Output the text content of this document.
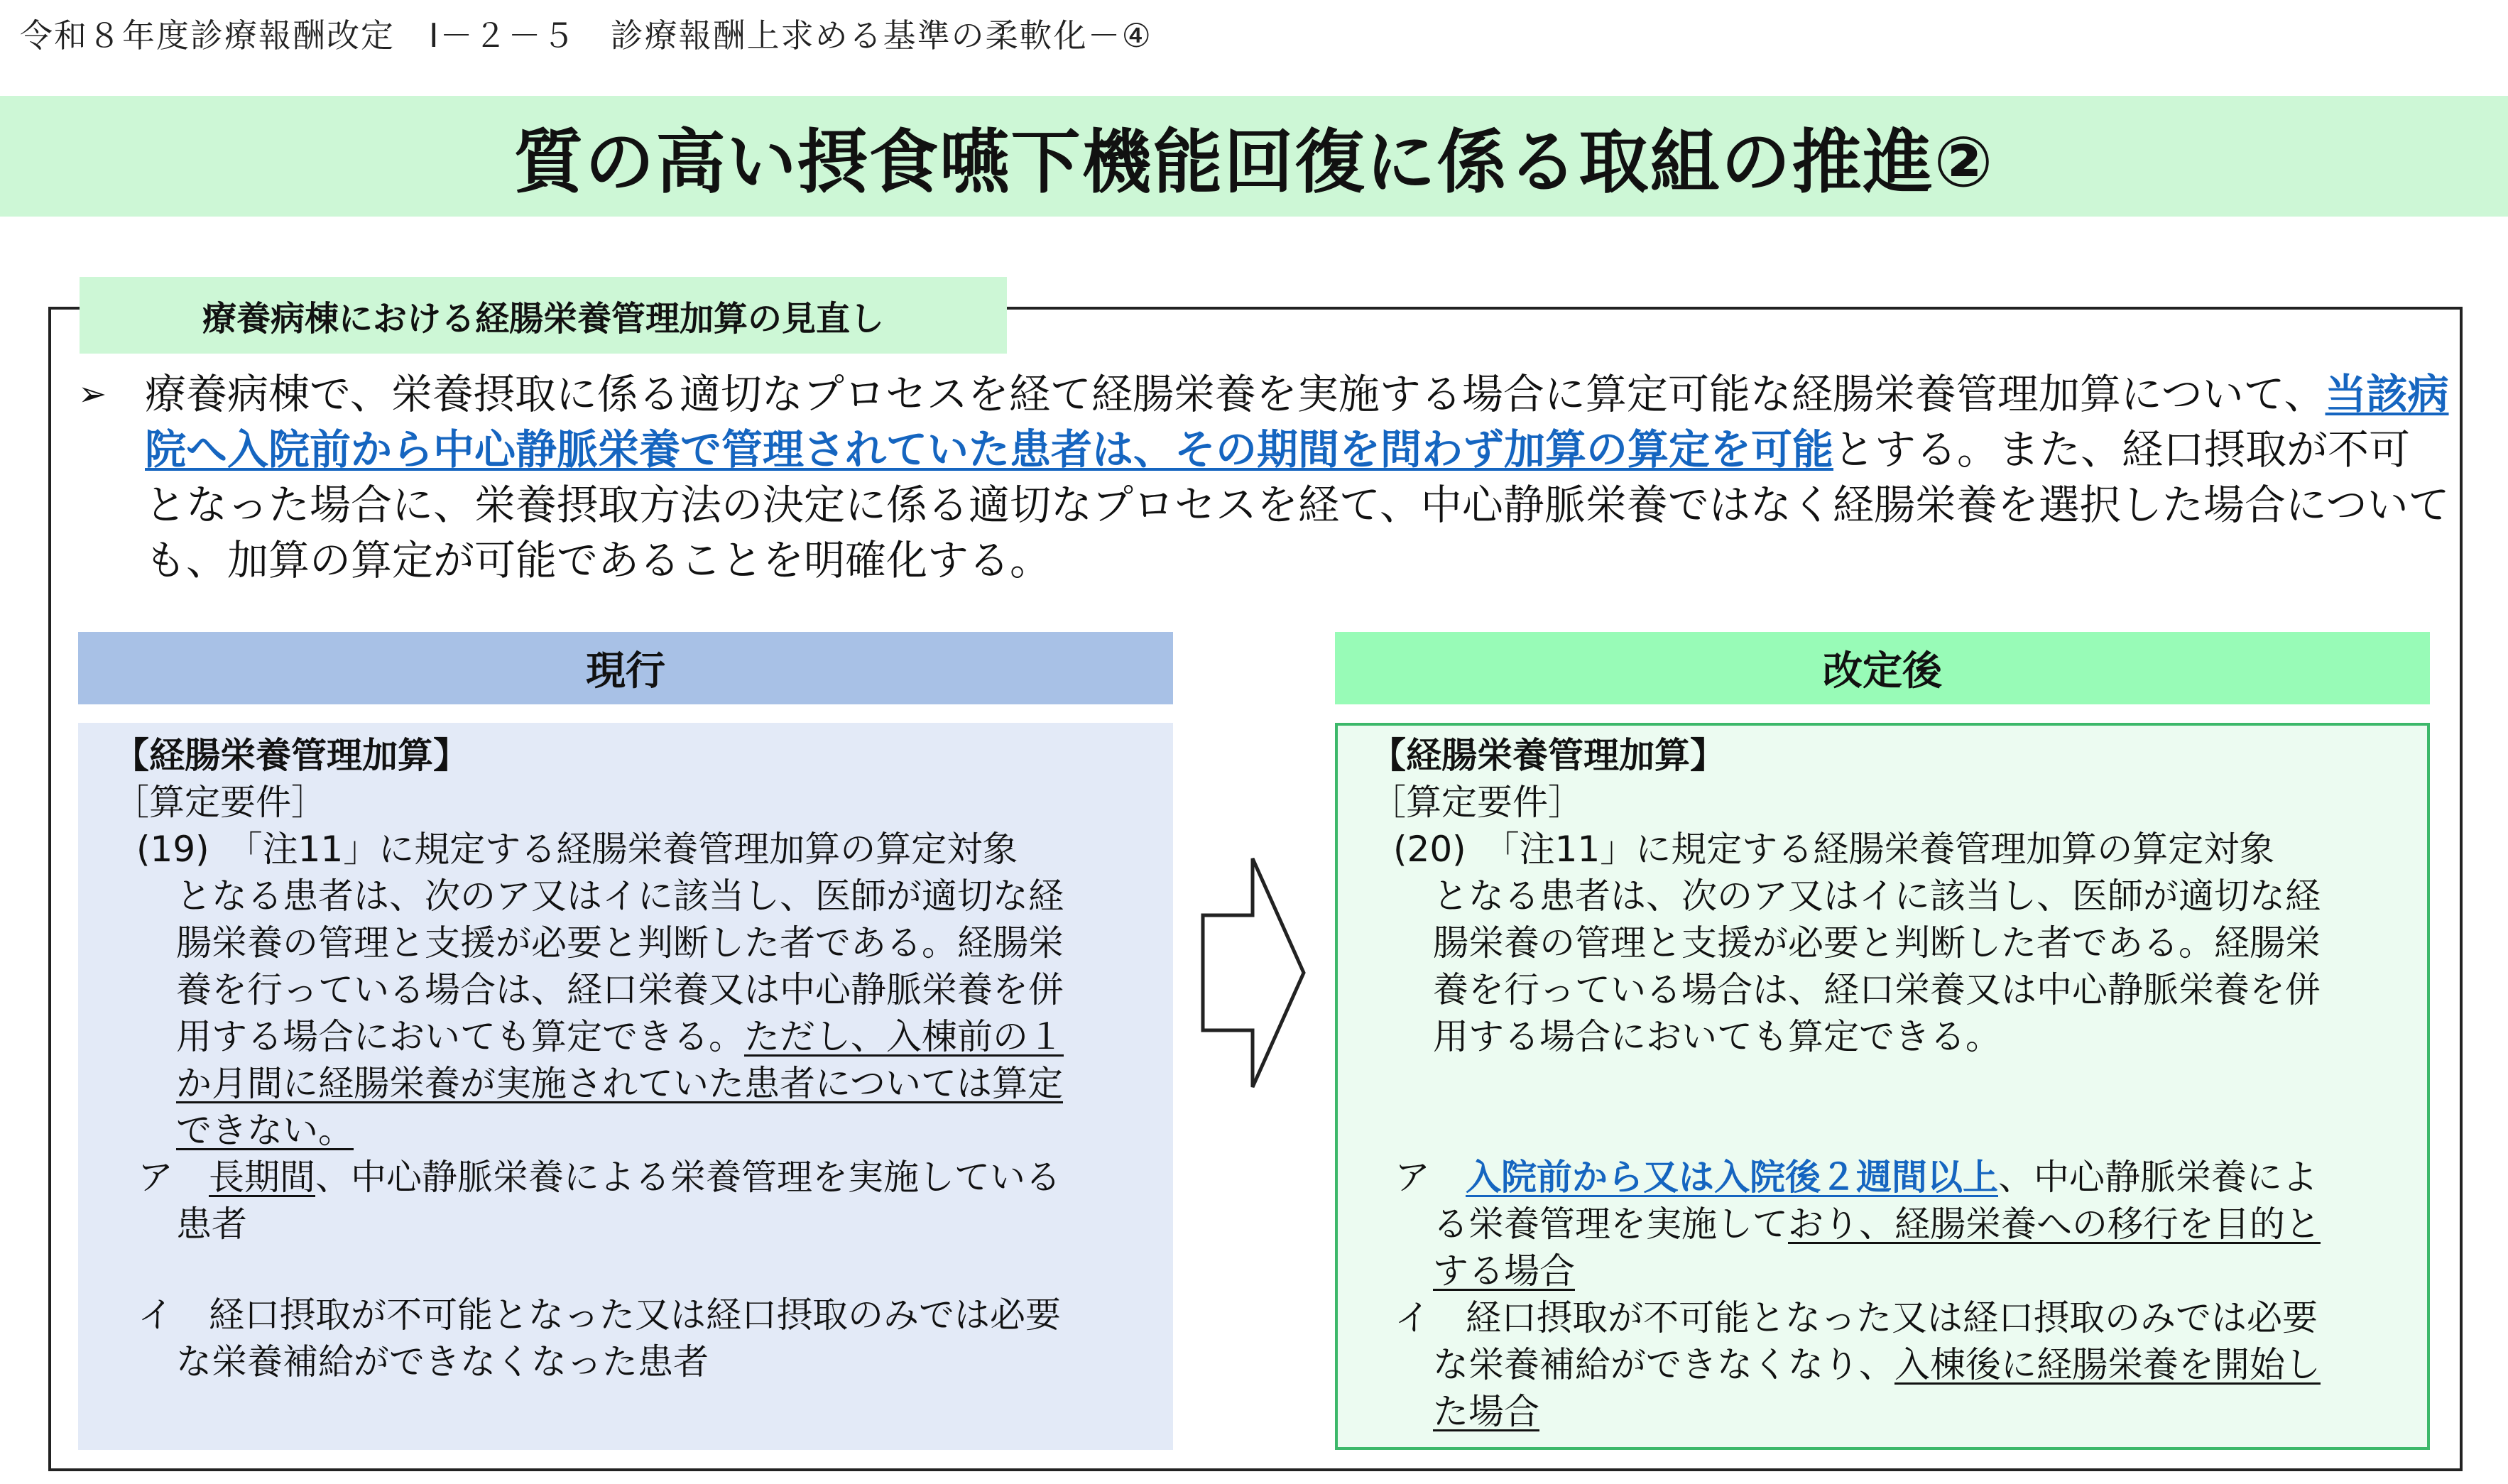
令和８年度診療報酬改定　Ⅰ－２－５　診療報酬上求める基準の柔軟化－④
質の高い摂食嚥下機能回復に係る取組の推進②
療養病棟における経腸栄養管理加算の見直し
➢ 療養病棟で、栄養摂取に係る適切なプロセスを経て経腸栄養を実施する場合に算定可能な経腸栄養管理加算について、当該病院へ入院前から中心静脈栄養で管理されていた患者は、その期間を問わず加算の算定を可能とする。また、経口摂取が不可となった場合に、栄養摂取方法の決定に係る適切なプロセスを経て、中心静脈栄養ではなく経腸栄養を選択した場合についても、加算の算定が可能であることを明確化する。
現行	改定後
【経腸栄養管理加算】
［算定要件］
(19)　「注11」に規定する経腸栄養管理加算の算定対象
となる患者は、次のア又はイに該当し、医師が適切な経
腸栄養の管理と支援が必要と判断した者である。経腸栄
養を行っている場合は、経口栄養又は中心静脈栄養を併
用する場合においても算定できる。ただし、入棟前の１
か月間に経腸栄養が実施されていた患者については算定
できない。
ア 長期間、中心静脈栄養による栄養管理を実施している
患者
イ 経口摂取が不可能となった又は経口摂取のみでは必要
な栄養補給ができなくなった患者
【経腸栄養管理加算】
［算定要件］
(20)　「注11」に規定する経腸栄養管理加算の算定対象
となる患者は、次のア又はイに該当し、医師が適切な経
腸栄養の管理と支援が必要と判断した者である。経腸栄
養を行っている場合は、経口栄養又は中心静脈栄養を併
用する場合においても算定できる。
ア 入院前から又は入院後２週間以上、中心静脈栄養によ
る栄養管理を実施しており、経腸栄養への移行を目的と
する場合
イ 経口摂取が不可能となった又は経口摂取のみでは必要
な栄養補給ができなくなり、入棟後に経腸栄養を開始し
た場合
